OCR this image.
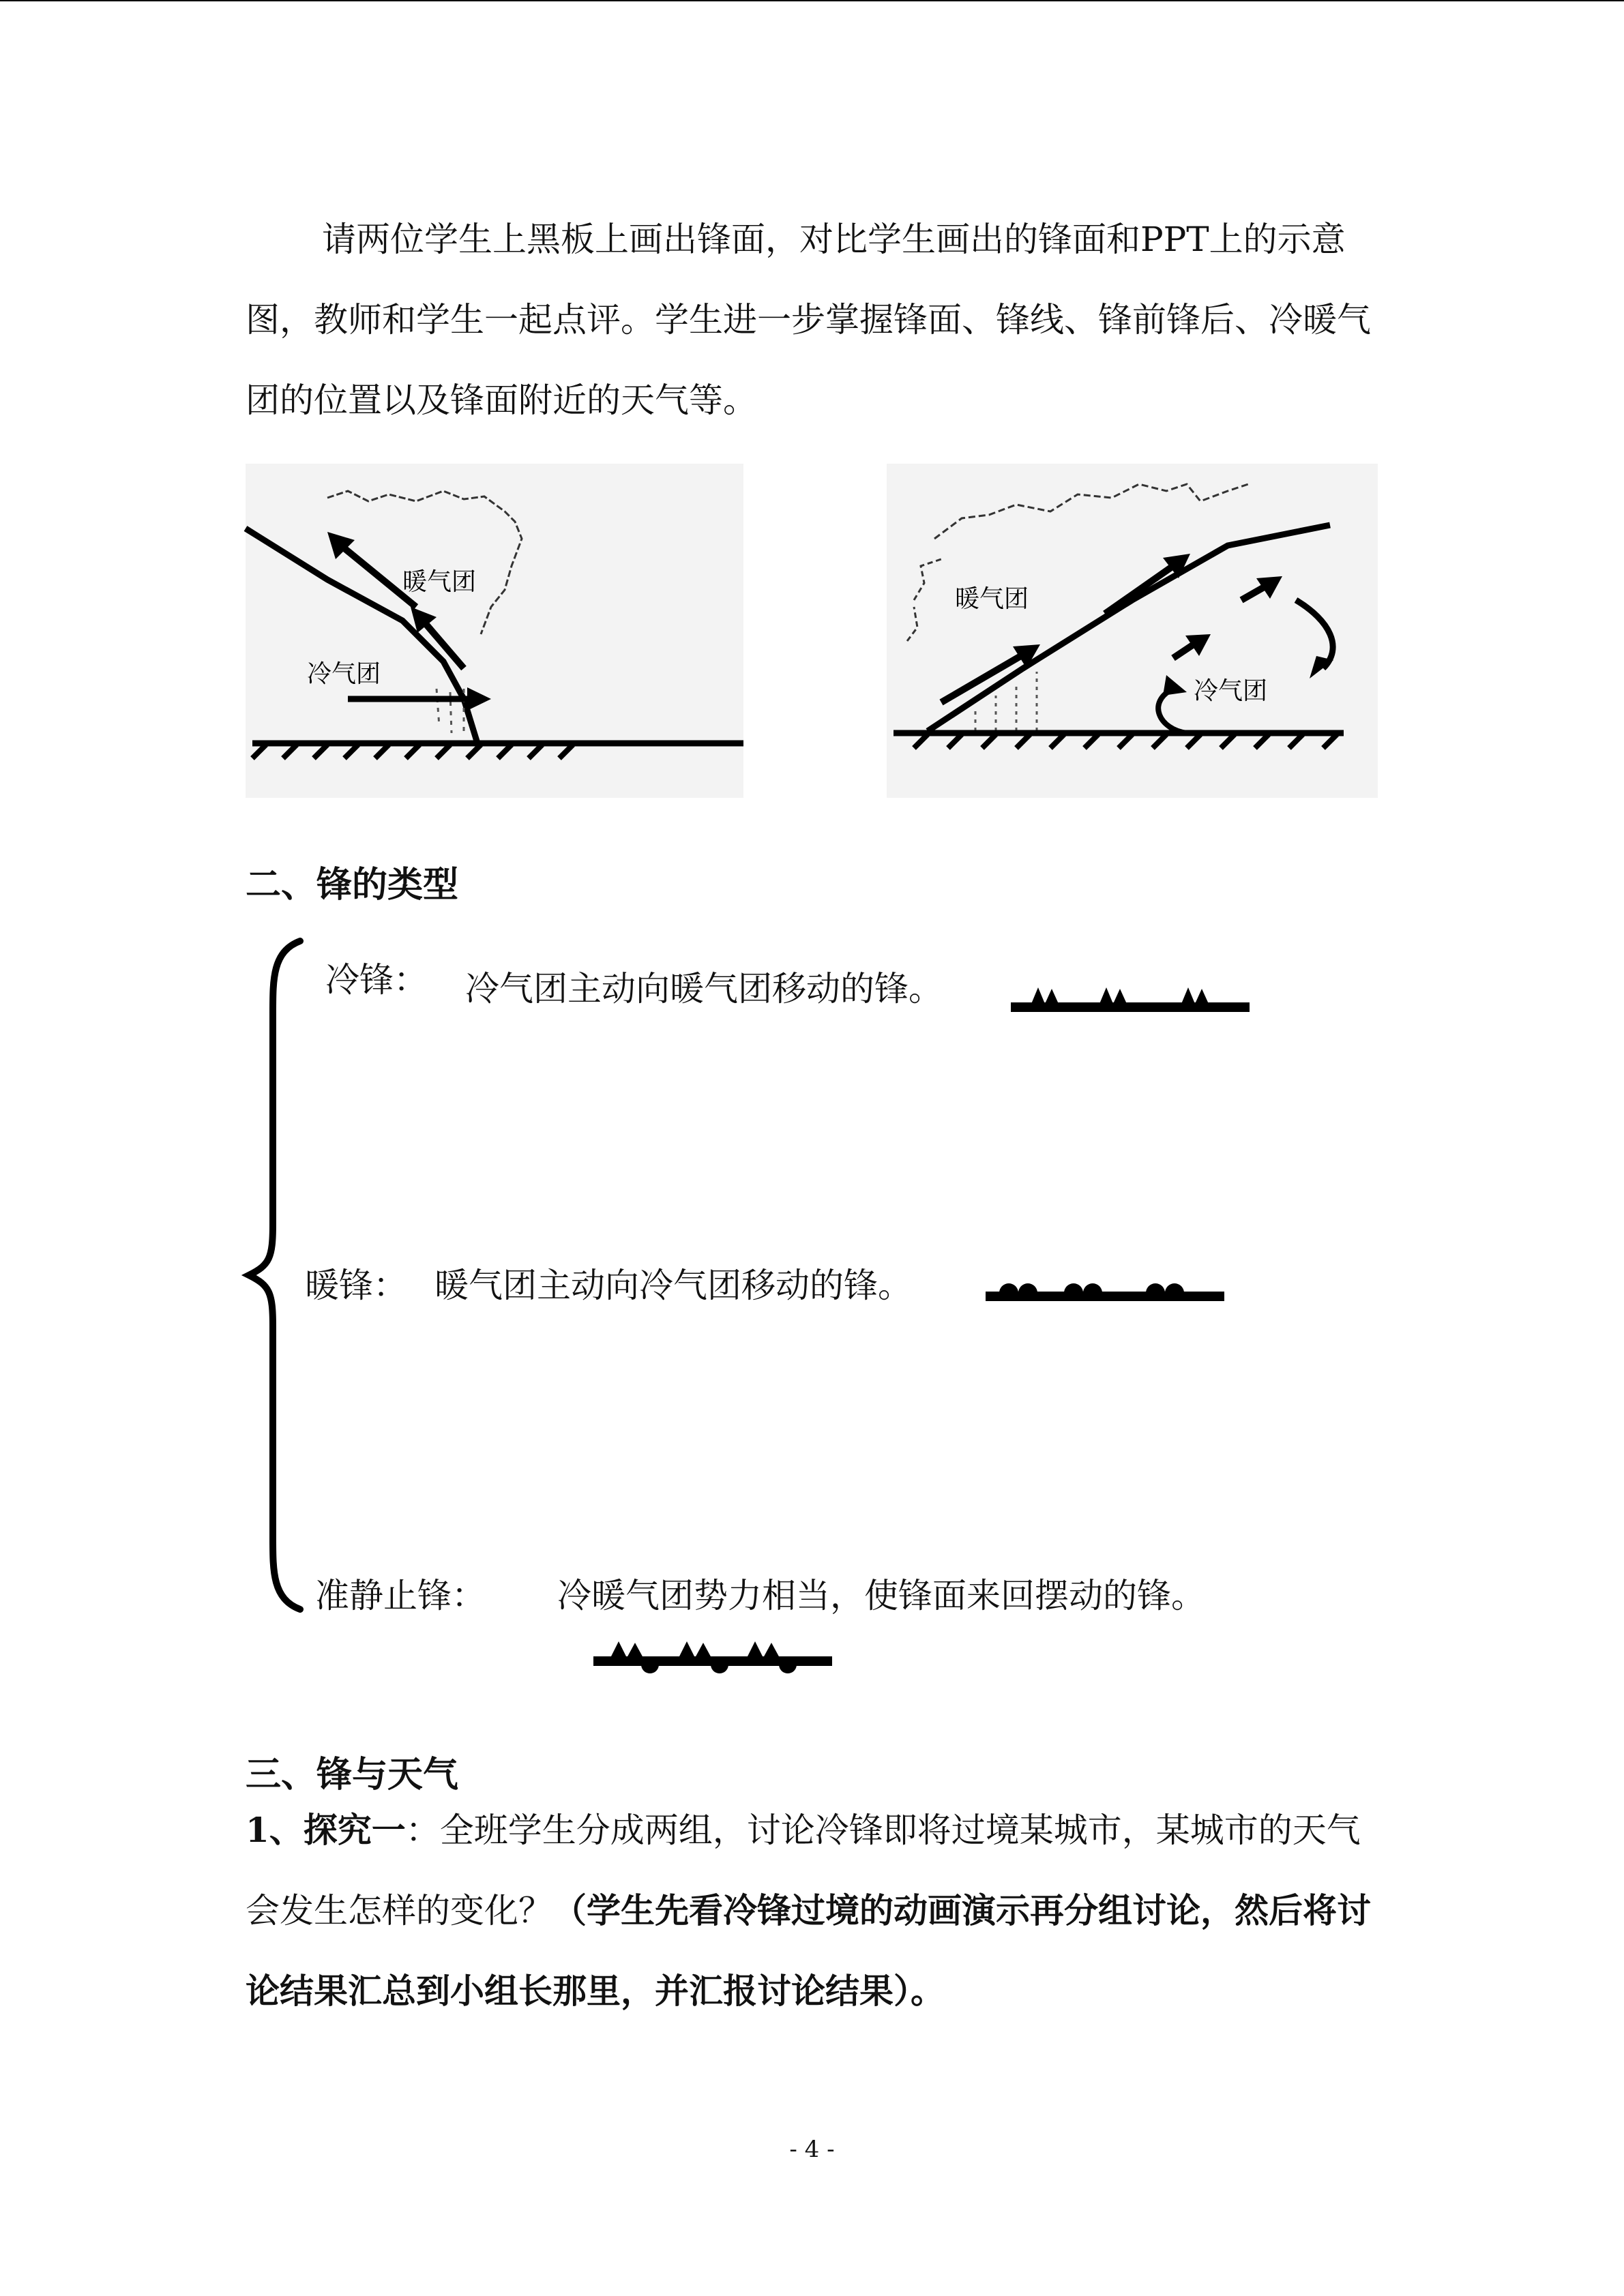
请两位学生上黑板上画出锋面，对比学生画出的锋面和PPT上的示意图，教师和学生一起点评。学生进一步掌握锋面、锋线、锋前锋后、冷暖气团的位置以及锋面附近的天气等。

暖气团
冷气团
暖气团
冷气团
二、锋的类型
冷锋： 冷气团主动向暖气团移动的锋。
暖锋： 暖气团主动向冷气团移动的锋。
准静止锋： 冷暖气团势力相当，使锋面来回摆动的锋。
三、锋与天气

1、探究一：全班学生分成两组，讨论冷锋即将过境某城市，某城市的天气会发生怎样的变化？（学生先看冷锋过境的动画演示再分组讨论，然后将讨论结果汇总到小组长那里，并汇报讨论结果）。

- 4 -
